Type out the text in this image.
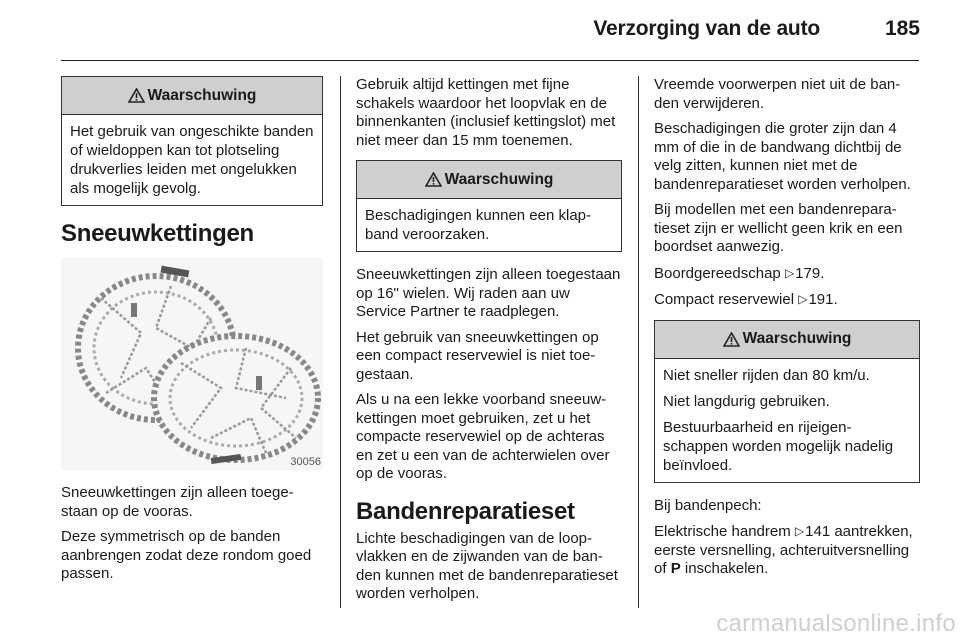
Verzorging van de auto	185
Waarschuwing

Het gebruik van ongeschikte banden of wieldoppen kan tot plotseling drukverlies leiden met ongelukken als mogelijk gevolg.

Sneeuwkettingen
30056

Sneeuwkettingen zijn alleen toegestaan op de vooras.

Deze symmetrisch op de banden aanbrengen zodat deze rondom goed passen.

Gebruik altijd kettingen met fijne schakels waardoor het loopvlak en de binnenkanten (inclusief kettingslot) met niet meer dan 15 mm toenemen.

Waarschuwing

Beschadigingen kunnen een klapband veroorzaken.

Sneeuwkettingen zijn alleen toegestaan op 16" wielen. Wij raden aan uw Service Partner te raadplegen.

Het gebruik van sneeuwkettingen op een compact reservewiel is niet toegestaan.

Als u na een lekke voorband sneeuwkettingen moet gebruiken, zet u het compacte reservewiel op de achteras en zet u een van de achterwielen over op de vooras.

Bandenreparatieset

Lichte beschadigingen van de loopvlakken en de zijwanden van de banden kunnen met de bandenreparatieset worden verholpen.

Vreemde voorwerpen niet uit de banden verwijderen.

Beschadigingen die groter zijn dan 4 mm of die in de bandwang dichtbij de velg zitten, kunnen niet met de bandenreparatieset worden verholpen.

Bij modellen met een bandenreparatieset zijn er wellicht geen krik en een boordset aanwezig.

Boordgereedschap ▷179.

Compact reservewiel ▷191.

Waarschuwing

Niet sneller rijden dan 80 km/u.

Niet langdurig gebruiken.

Bestuurbaarheid en rijeigenschappen worden mogelijk nadelig beïnvloed.

Bij bandenpech:

Elektrische handrem ▷141 aantrekken, eerste versnelling, achteruitversnelling of P inschakelen.

carmanualsonline.info
